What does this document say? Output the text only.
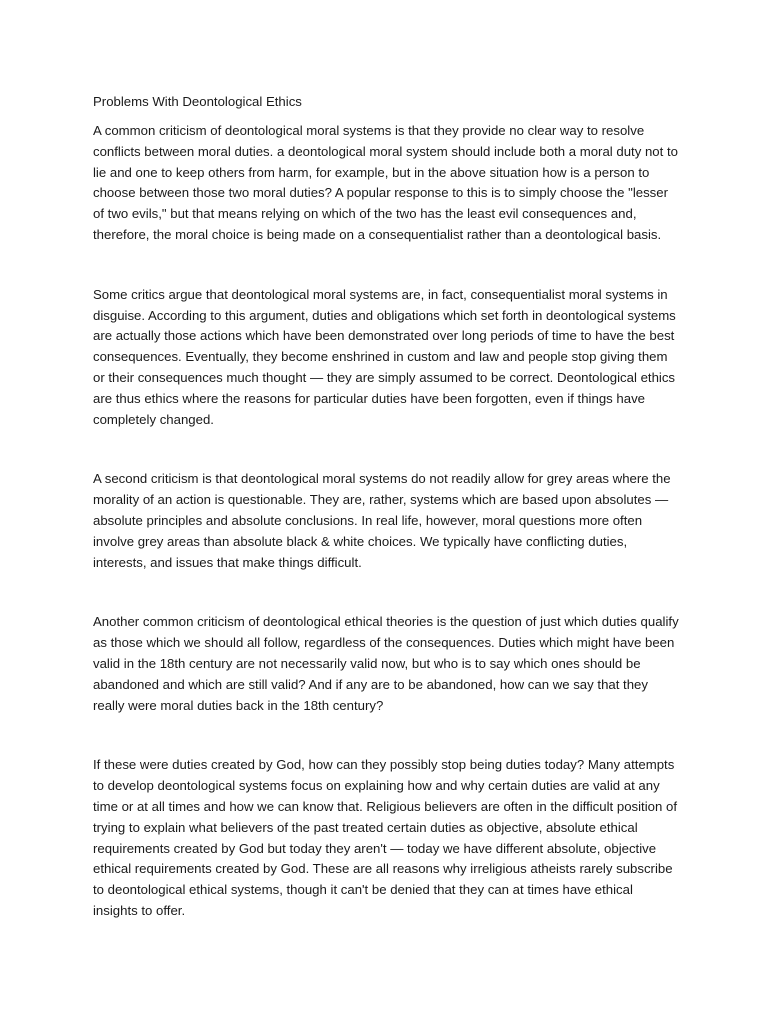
Problems With Deontological Ethics

A common criticism of deontological moral systems is that they provide no clear way to resolve conflicts between moral duties. a deontological moral system should include both a moral duty not to lie and one to keep others from harm, for example, but in the above situation how is a person to choose between those two moral duties? A popular response to this is to simply choose the "lesser of two evils," but that means relying on which of the two has the least evil consequences and, therefore, the moral choice is being made on a consequentialist rather than a deontological basis.

Some critics argue that deontological moral systems are, in fact, consequentialist moral systems in disguise. According to this argument, duties and obligations which set forth in deontological systems are actually those actions which have been demonstrated over long periods of time to have the best consequences. Eventually, they become enshrined in custom and law and people stop giving them or their consequences much thought — they are simply assumed to be correct. Deontological ethics are thus ethics where the reasons for particular duties have been forgotten, even if things have completely changed.

A second criticism is that deontological moral systems do not readily allow for grey areas where the morality of an action is questionable. They are, rather, systems which are based upon absolutes — absolute principles and absolute conclusions. In real life, however, moral questions more often involve grey areas than absolute black & white choices. We typically have conflicting duties, interests, and issues that make things difficult.

Another common criticism of deontological ethical theories is the question of just which duties qualify as those which we should all follow, regardless of the consequences. Duties which might have been valid in the 18th century are not necessarily valid now, but who is to say which ones should be abandoned and which are still valid? And if any are to be abandoned, how can we say that they really were moral duties back in the 18th century?

If these were duties created by God, how can they possibly stop being duties today? Many attempts to develop deontological systems focus on explaining how and why certain duties are valid at any time or at all times and how we can know that. Religious believers are often in the difficult position of trying to explain what believers of the past treated certain duties as objective, absolute ethical requirements created by God but today they aren't — today we have different absolute, objective ethical requirements created by God. These are all reasons why irreligious atheists rarely subscribe to deontological ethical systems, though it can't be denied that they can at times have ethical insights to offer.
